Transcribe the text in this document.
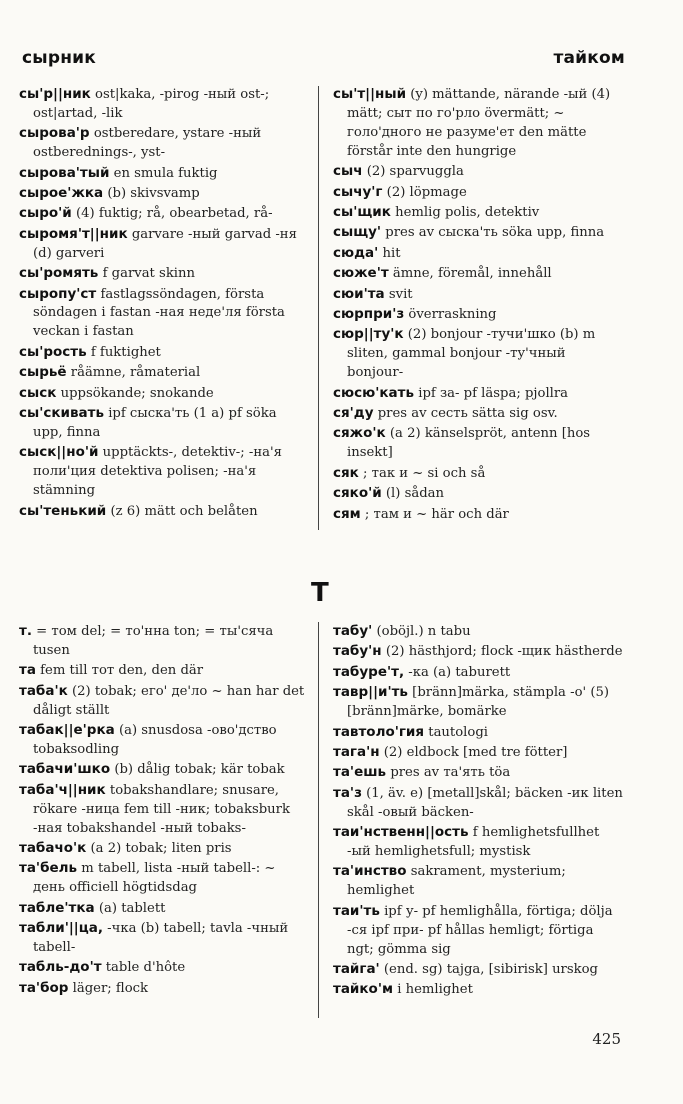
сырник	тайком
сы'р||ник ost|kaka, -pirog -ный ost-; ost|artad, -lik
сырова'р ostberedare, ystare -ный ostberednings-, yst-
сырова'тый en smula fuktig
сырое'жка (b) skivsvamp
сыро'й (4) fuktig; rå, obearbetad, rå-
сыромя'т||ник garvare -ный garvad -ня (d) garveri
сы'ромять f garvat skinn
сыропу'ст fastlagssöndagen, första söndagen i fastan -ная неде'ля första veckan i fastan
сы'рость f fuktighet
сырьё råämne, råmaterial
сыск uppsökande; snokande
сы'скивать ipf сыска'ть (1 a) pf söka upp, finna
сыск||но'й upptäckts-, detektiv-; -на'я поли'ция detektiva polisen; -на'я stämning
сы'тенький (z 6) mätt och belåten
сы'т||ный (y) mättande, närande -ый (4) mätt; сыт по го'рло övermätt; ~ голо'дного не разуме'ет den mätte förstår inte den hungrige
сыч (2) sparvuggla
сычу'г (2) löpmage
сы'щик hemlig polis, detektiv
сыщу' pres av сыска'ть söka upp, finna
сюда' hit
сюже'т ämne, föremål, innehåll
сюи'та svit
сюрпри'з överraskning
сюр||ту'к (2) bonjour -тучи'шко (b) m sliten, gammal bonjour -ту'чный bonjour-
сюсю'кать ipf за- pf läspa; pjollra
ся'ду pres av сесть sätta sig osv.
сяжо'к (a 2) känselspröt, antenn [hos insekt]
сяк ; так и ~ si och så
сяко'й (l) sådan
сям ; там и ~ här och där
Т
т. = том del; = то'нна ton; = ты'сяча tusen
та fem till тот den, den där
таба'к (2) tobak; его' де'ло ~ han har det dåligt ställt
табак||е'рка (a) snusdosa -ово'дство tobaksodling
табачи'шко (b) dålig tobak; kär tobak
таба'ч||ник tobakshandlare; snusare, rökare -ница fem till -ник; tobaksburk -ная tobakshandel -ный tobaks-
табачо'к (a 2) tobak; liten pris
та'бель m tabell, lista -ный tabell-: ~ день officiell högtidsdag
табле'тка (a) tablett
табли'||ца, -чка (b) tabell; tavla -чный tabell-
табль-до'т table d'hôte
та'бор läger; flock
табу' (oböjl.) n tabu
табу'н (2) hästhjord; flock -щик hästherde
табуре'т, -ка (a) taburett
тавр||и'ть [bränn]märka, stämpla -о' (5) [bränn]märke, bomärke
тавтоло'гия tautologi
тага'н (2) eldbock [med tre fötter]
та'ешь pres av та'ять töa
та'з (1, äv. e) [metall]skål; bäcken -ик liten skål -овый bäcken-
таи'нственн||ость f hemlighetsfullhet -ый hemlighetsfull; mystisk
та'инство sakrament, mysterium; hemlighet
таи'ть ipf у- pf hemlighålla, förtiga; dölja -ся ipf при- pf hållas hemligt; förtiga ngt; gömma sig
тайга' (end. sg) tajga, [sibirisk] urskog
тайко'м i hemlighet
425
